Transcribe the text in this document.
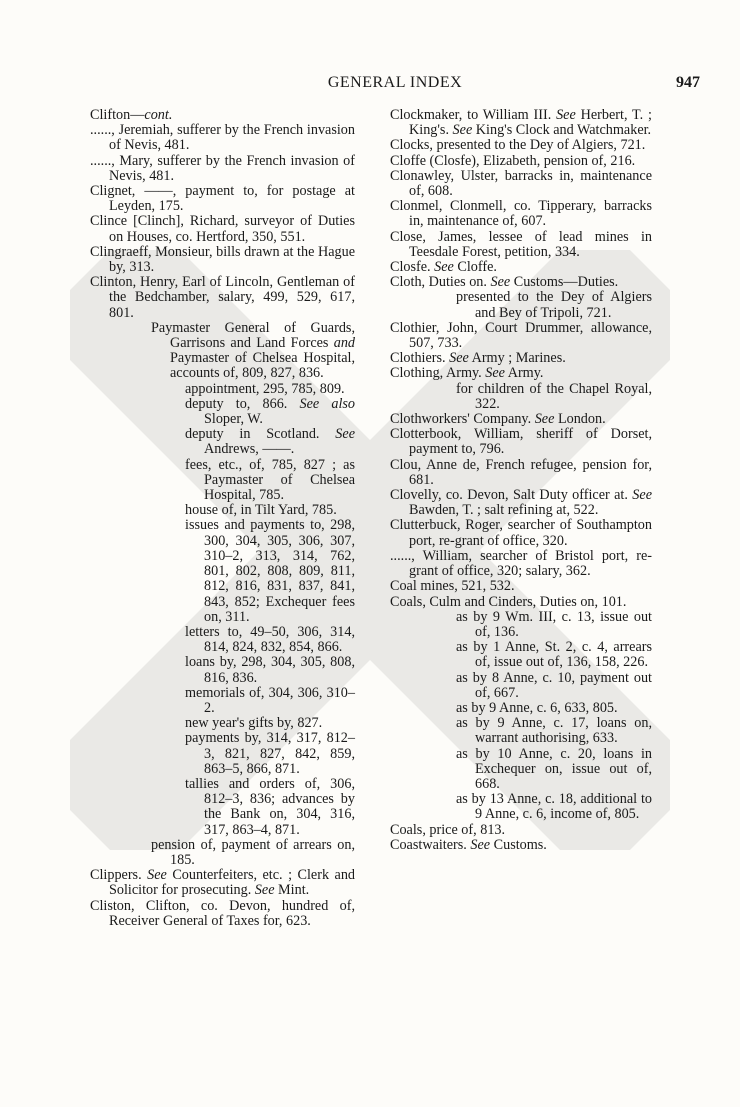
GENERAL INDEX	947

Clifton—cont.

......, Jeremiah, sufferer by the French invasion of Nevis, 481.

......, Mary, sufferer by the French invasion of Nevis, 481.

Clignet, ——, payment to, for postage at Leyden, 175.

Clince [Clinch], Richard, surveyor of Duties on Houses, co. Hertford, 350, 551.

Clingraeff, Monsieur, bills drawn at the Hague by, 313.

Clinton, Henry, Earl of Lincoln, Gentleman of the Bedchamber, salary, 499, 529, 617, 801.

Paymaster General of Guards, Garrisons and Land Forces and Paymaster of Chelsea Hospital, accounts of, 809, 827, 836.

appointment, 295, 785, 809.

deputy to, 866. See also Sloper, W.

deputy in Scotland. See Andrews, ——.

fees, etc., of, 785, 827 ; as Paymaster of Chelsea Hospital, 785.

house of, in Tilt Yard, 785.

issues and payments to, 298, 300, 304, 305, 306, 307, 310–2, 313, 314, 762, 801, 802, 808, 809, 811, 812, 816, 831, 837, 841, 843, 852; Exchequer fees on, 311.

letters to, 49–50, 306, 314, 814, 824, 832, 854, 866.

loans by, 298, 304, 305, 808, 816, 836.

memorials of, 304, 306, 310–2.

new year's gifts by, 827.

payments by, 314, 317, 812–3, 821, 827, 842, 859, 863–5, 866, 871.

tallies and orders of, 306, 812–3, 836; advances by the Bank on, 304, 316, 317, 863–4, 871.

pension of, payment of arrears on, 185.

Clippers. See Counterfeiters, etc. ; Clerk and Solicitor for prosecuting. See Mint.

Cliston, Clifton, co. Devon, hundred of, Receiver General of Taxes for, 623.

Clockmaker, to William III. See Herbert, T. ; King's. See King's Clock and Watchmaker.

Clocks, presented to the Dey of Algiers, 721.

Cloffe (Closfe), Elizabeth, pension of, 216.

Clonawley, Ulster, barracks in, maintenance of, 608.

Clonmel, Clonmell, co. Tipperary, barracks in, maintenance of, 607.

Close, James, lessee of lead mines in Teesdale Forest, petition, 334.

Closfe. See Cloffe.

Cloth, Duties on. See Customs—Duties.

presented to the Dey of Algiers and Bey of Tripoli, 721.

Clothier, John, Court Drummer, allowance, 507, 733.

Clothiers. See Army ; Marines.

Clothing, Army. See Army.

for children of the Chapel Royal, 322.

Clothworkers' Company. See London.

Clotterbook, William, sheriff of Dorset, payment to, 796.

Clou, Anne de, French refugee, pension for, 681.

Clovelly, co. Devon, Salt Duty officer at. See Bawden, T. ; salt refining at, 522.

Clutterbuck, Roger, searcher of Southampton port, re-grant of office, 320.

......, William, searcher of Bristol port, re-grant of office, 320; salary, 362.

Coal mines, 521, 532.

Coals, Culm and Cinders, Duties on, 101.

as by 9 Wm. III, c. 13, issue out of, 136.

as by 1 Anne, St. 2, c. 4, arrears of, issue out of, 136, 158, 226.

as by 8 Anne, c. 10, payment out of, 667.

as by 9 Anne, c. 6, 633, 805.

as by 9 Anne, c. 17, loans on, warrant authorising, 633.

as by 10 Anne, c. 20, loans in Exchequer on, issue out of, 668.

as by 13 Anne, c. 18, additional to 9 Anne, c. 6, income of, 805.

Coals, price of, 813.

Coastwaiters. See Customs.
